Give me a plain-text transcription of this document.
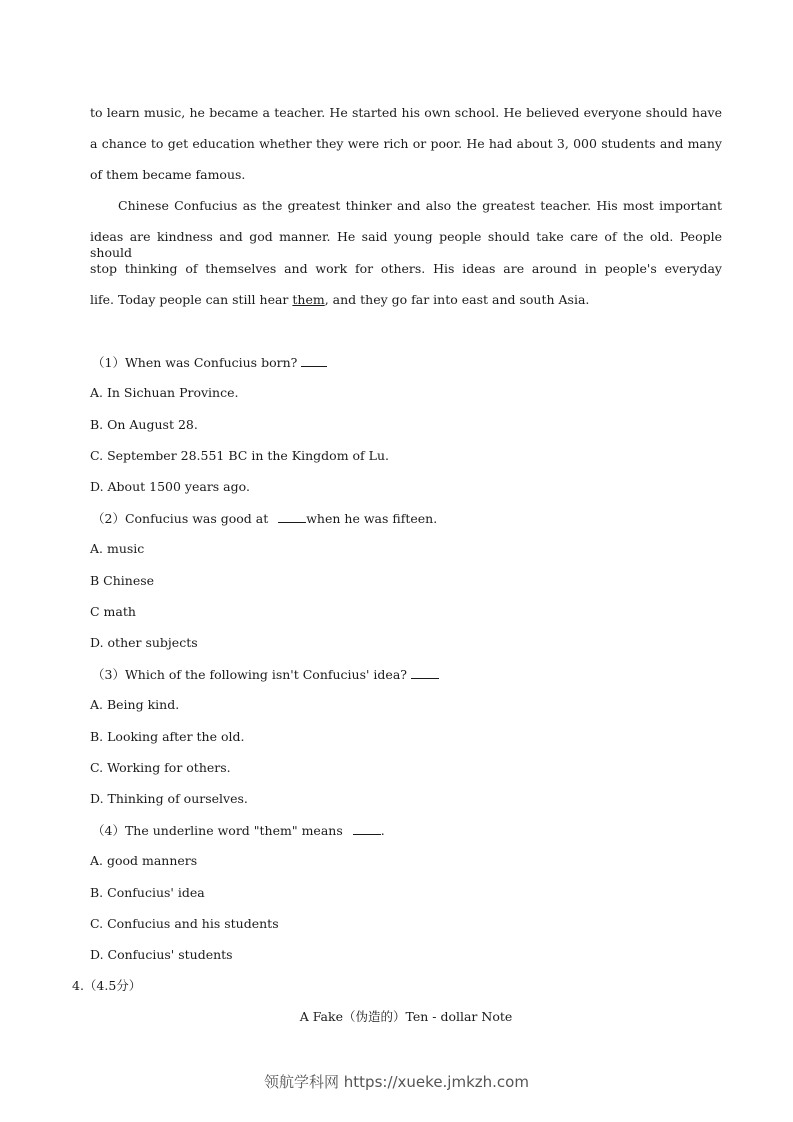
to learn music, he became a teacher. He started his own school. He believed everyone should have
a chance to get education whether they were rich or poor. He had about 3, 000 students and many
of them became famous.
Chinese Confucius as the greatest thinker and also the greatest teacher. His most important
ideas are kindness and god manner. He said young people should take care of the old. People should
stop thinking of themselves and work for others. His ideas are around in people's everyday
life. Today people can still hear them, and they go far into east and south Asia.
（1）When was Confucius born?
A. In Sichuan Province.
B. On August 28.
C. September 28.551 BC in the Kingdom of Lu.
D. About 1500 years ago.
（2）Confucius was good at	when he was fifteen.
A. music
B Chinese
C math
D. other subjects
（3）Which of the following isn't Confucius' idea?
A. Being kind.
B. Looking after the old.
C. Working for others.
D. Thinking of ourselves.
（4）The underline word "them" means	.
A. good manners
B. Confucius' idea
C. Confucius and his students
D. Confucius' students
4.（4.5分）
A Fake（伪造的）Ten - dollar Note
领航学科网 https://xueke.jmkzh.com
